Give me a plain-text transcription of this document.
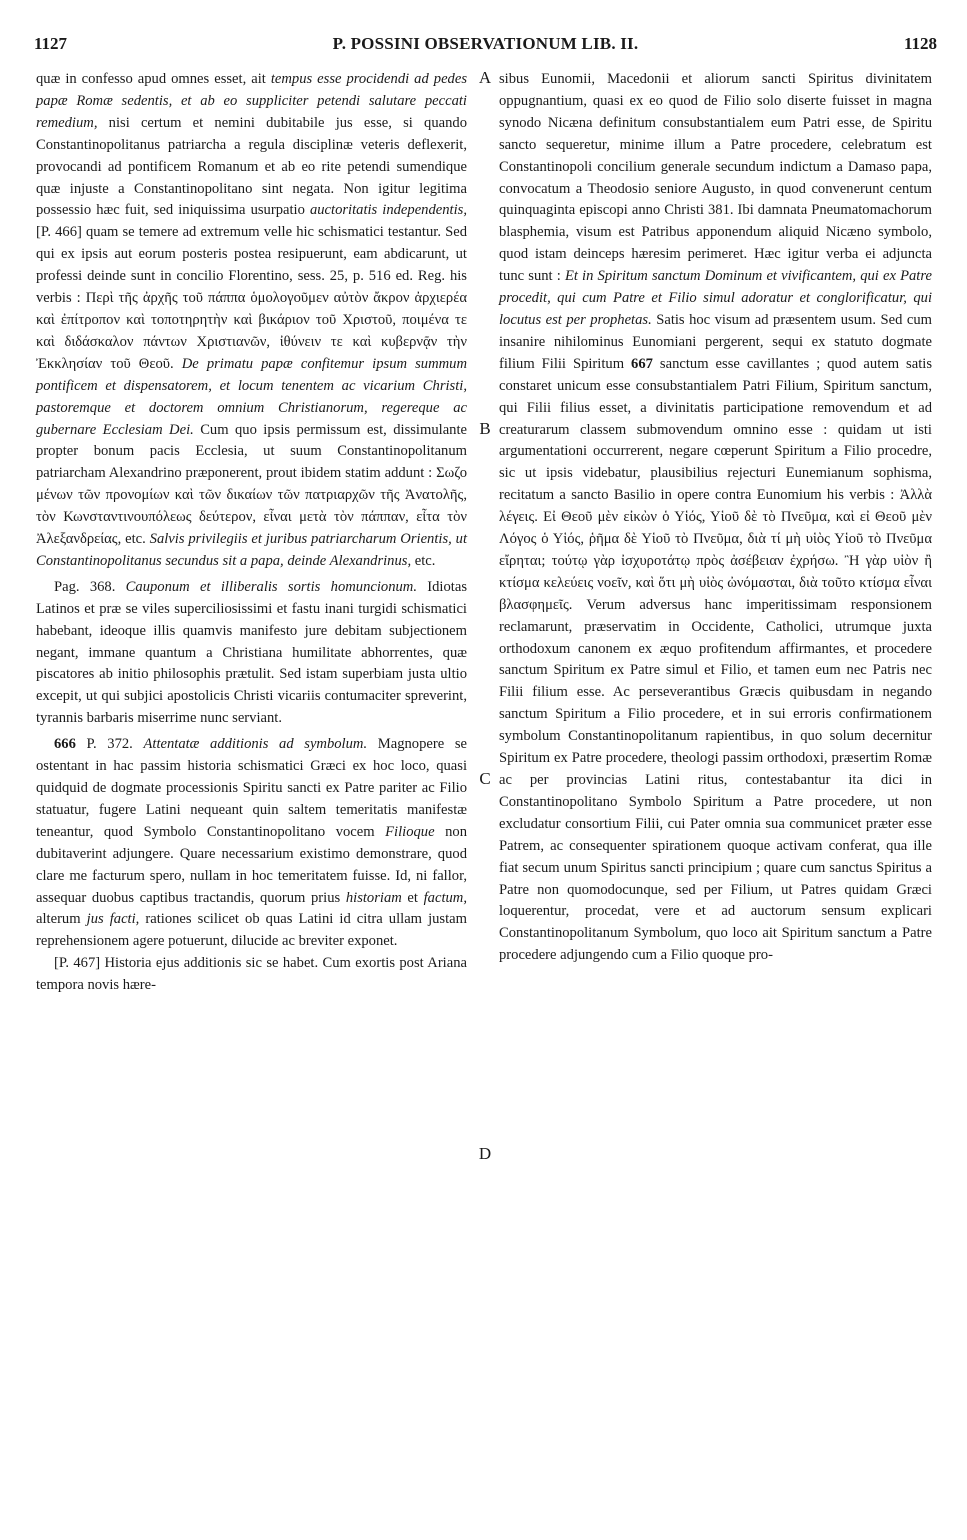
1127	P. POSSINI OBSERVATIONUM LIB. II.	1128
A
B
C
D

quæ in confesso apud omnes esset, ait tempus esse procidendi ad pedes papæ Romæ sedentis, et ab eo suppliciter petendi salutare peccati remedium, nisi certum et nemini dubitabile jus esse, si quando Constantinopolitanus patriarcha a regula disciplinæ veteris deflexerit, provocandi ad pontificem Romanum et ab eo rite petendi sumendique quæ injuste a Constantinopolitano sint negata. Non igitur legitima possessio hæc fuit, sed iniquissima usurpatio auctoritatis independentis, [P. 466] quam se temere ad extremum velle hic schismatici testantur. Sed qui ex ipsis aut eorum posteris postea resipuerunt, eam abdicarunt, ut professi deinde sunt in concilio Florentino, sess. 25, p. 516 ed. Reg. his verbis : Περὶ τῆς ἀρχῆς τοῦ πάππα ὁμολογοῦμεν αὐτὸν ἄκρον ἀρχιερέα καὶ ἐπίτροπον καὶ τοποτηρητὴν καὶ βικάριον τοῦ Χριστοῦ, ποιμένα τε καὶ διδάσκαλον πάντων Χριστιανῶν, ἰθύνειν τε καὶ κυβερνᾷν τὴν Ἐκκλησίαν τοῦ Θεοῦ. De primatu papæ confitemur ipsum summum pontificem et dispensatorem, et locum tenentem ac vicarium Christi, pastoremque et doctorem omnium Christianorum, regereque ac gubernare Ecclesiam Dei. Cum quo ipsis permissum est, dissimulante propter bonum pacis Ecclesia, ut suum Constantinopolitanum patriarcham Alexandrino præponerent, prout ibidem statim addunt : Σωζο μένων τῶν προνομίων καὶ τῶν δικαίων τῶν πατριαρχῶν τῆς Ἀνατολῆς, τὸν Κωνσταντινουπόλεως δεύτερον, εἶναι μετὰ τὸν πάππαν, εἶτα τὸν Ἀλεξανδρείας, etc. Salvis privilegiis et juribus patriarcharum Orientis, ut Constantinopolitanus secundus sit a papa, deinde Alexandrinus, etc.

Pag. 368. Cauponum et illiberalis sortis homuncionum. Idiotas Latinos et præ se viles superciliosissimi et fastu inani turgidi schismatici habebant, ideoque illis quamvis manifesto jure debitam subjectionem negant, immane quantum a Christiana humilitate abhorrentes, quæ piscatores ab initio philosophis prætulit. Sed istam superbiam justa ultio excepit, ut qui subjici apostolicis Christi vicariis contumaciter spreverint, tyrannis barbaris miserrime nunc serviant.

666 P. 372. Attentatæ additionis ad symbolum. Magnopere se ostentant in hac passim historia schismatici Græci ex hoc loco, quasi quidquid de dogmate processionis Spiritu sancti ex Patre pariter ac Filio statuatur, fugere Latini nequeant quin saltem temeritatis manifestæ teneantur, quod Symbolo Constantinopolitano vocem Filioque non dubitaverint adjungere. Quare necessarium existimo demonstrare, quod clare me facturum spero, nullam in hoc temeritatem fuisse. Id, ni fallor, assequar duobus captibus tractandis, quorum prius historiam et factum, alterum jus facti, rationes scilicet ob quas Latini id citra ullam justam reprehensionem agere potuerunt, dilucide ac breviter exponet.

[P. 467] Historia ejus additionis sic se habet. Cum exortis post Ariana tempora novis hære-

sibus Eunomii, Macedonii et aliorum sancti Spiritus divinitatem oppugnantium, quasi ex eo quod de Filio solo diserte fuisset in magna synodo Nicæna definitum consubstantialem eum Patri esse, de Spiritu sancto sequeretur, minime illum a Patre procedere, celebratum est Constantinopoli concilium generale secundum indictum a Damaso papa, convocatum a Theodosio seniore Augusto, in quod convenerunt centum quinquaginta episcopi anno Christi 381. Ibi damnata Pneumatomachorum blasphemia, visum est Patribus apponendum aliquid Nicæno symbolo, quod istam deinceps hæresim perimeret. Hæc igitur verba ei adjuncta tunc sunt : Et in Spiritum sanctum Dominum et vivificantem, qui ex Patre procedit, qui cum Patre et Filio simul adoratur et conglorificatur, qui locutus est per prophetas. Satis hoc visum ad præsentem usum. Sed cum insanire nihilominus Eunomiani pergerent, sequi ex statuto dogmate filium Filii Spiritum 667 sanctum esse cavillantes ; quod autem satis constaret unicum esse consubstantialem Patri Filium, Spiritum sanctum, qui Filii filius esset, a divinitatis participatione removendum et ad creaturarum classem submovendum omnino esse : quidam ut isti argumentationi occurrerent, negare cœperunt Spiritum a Filio procedre, sic ut ipsis videbatur, plausibilius rejecturi Eunemianum sophisma, recitatum a sancto Basilio in opere contra Eunomium his verbis : Ἀλλὰ λέγεις. Εἰ Θεοῦ μὲν εἰκὼν ὁ Υἱός, Υἱοῦ δὲ τὸ Πνεῦμα, καὶ εἰ Θεοῦ μὲν Λόγος ὁ Υἱός, ῥῆμα δὲ Υἱοῦ τὸ Πνεῦμα, διὰ τί μὴ υἱὸς Υἱοῦ τὸ Πνεῦμα εἴρηται; τούτῳ γὰρ ἰσχυροτάτῳ πρὸς ἀσέβειαν ἐχρήσω. Ἢ γὰρ υἱὸν ἢ κτίσμα κελεύεις νοεῖν, καὶ ὅτι μὴ υἱὸς ὠνόμασται, διὰ τοῦτο κτίσμα εἶναι βλασφημεῖς. Verum adversus hanc imperitissimam responsionem reclamarunt, præservatim in Occidente, Catholici, utrumque juxta orthodoxum canonem ex æquo profitendum affirmantes, et procedere sanctum Spiritum ex Patre simul et Filio, et tamen eum nec Patris nec Filii filium esse. Ac perseverantibus Græcis quibusdam in negando sanctum Spiritum a Filio procedere, et in sui erroris confirmationem symbolum Constantinopolitanum rapientibus, in quo solum decernitur Spiritum ex Patre procedere, theologi passim orthodoxi, præsertim Romæ ac per provincias Latini ritus, contestabantur ita dici in Constantinopolitano Symbolo Spiritum a Patre procedere, ut non excludatur consortium Filii, cui Pater omnia sua communicet præter esse Patrem, ac consequenter spirationem quoque activam conferat, qua ille fiat secum unum Spiritus sancti principium ; quare cum sanctus Spiritus a Patre non quomodocunque, sed per Filium, ut Patres quidam Græci loquerentur, procedat, vere et ad auctorum sensum explicari Constantinopolitanum Symbolum, quo loco ait Spiritum sanctum a Patre procedere adjungendo cum a Filio quoque pro-
